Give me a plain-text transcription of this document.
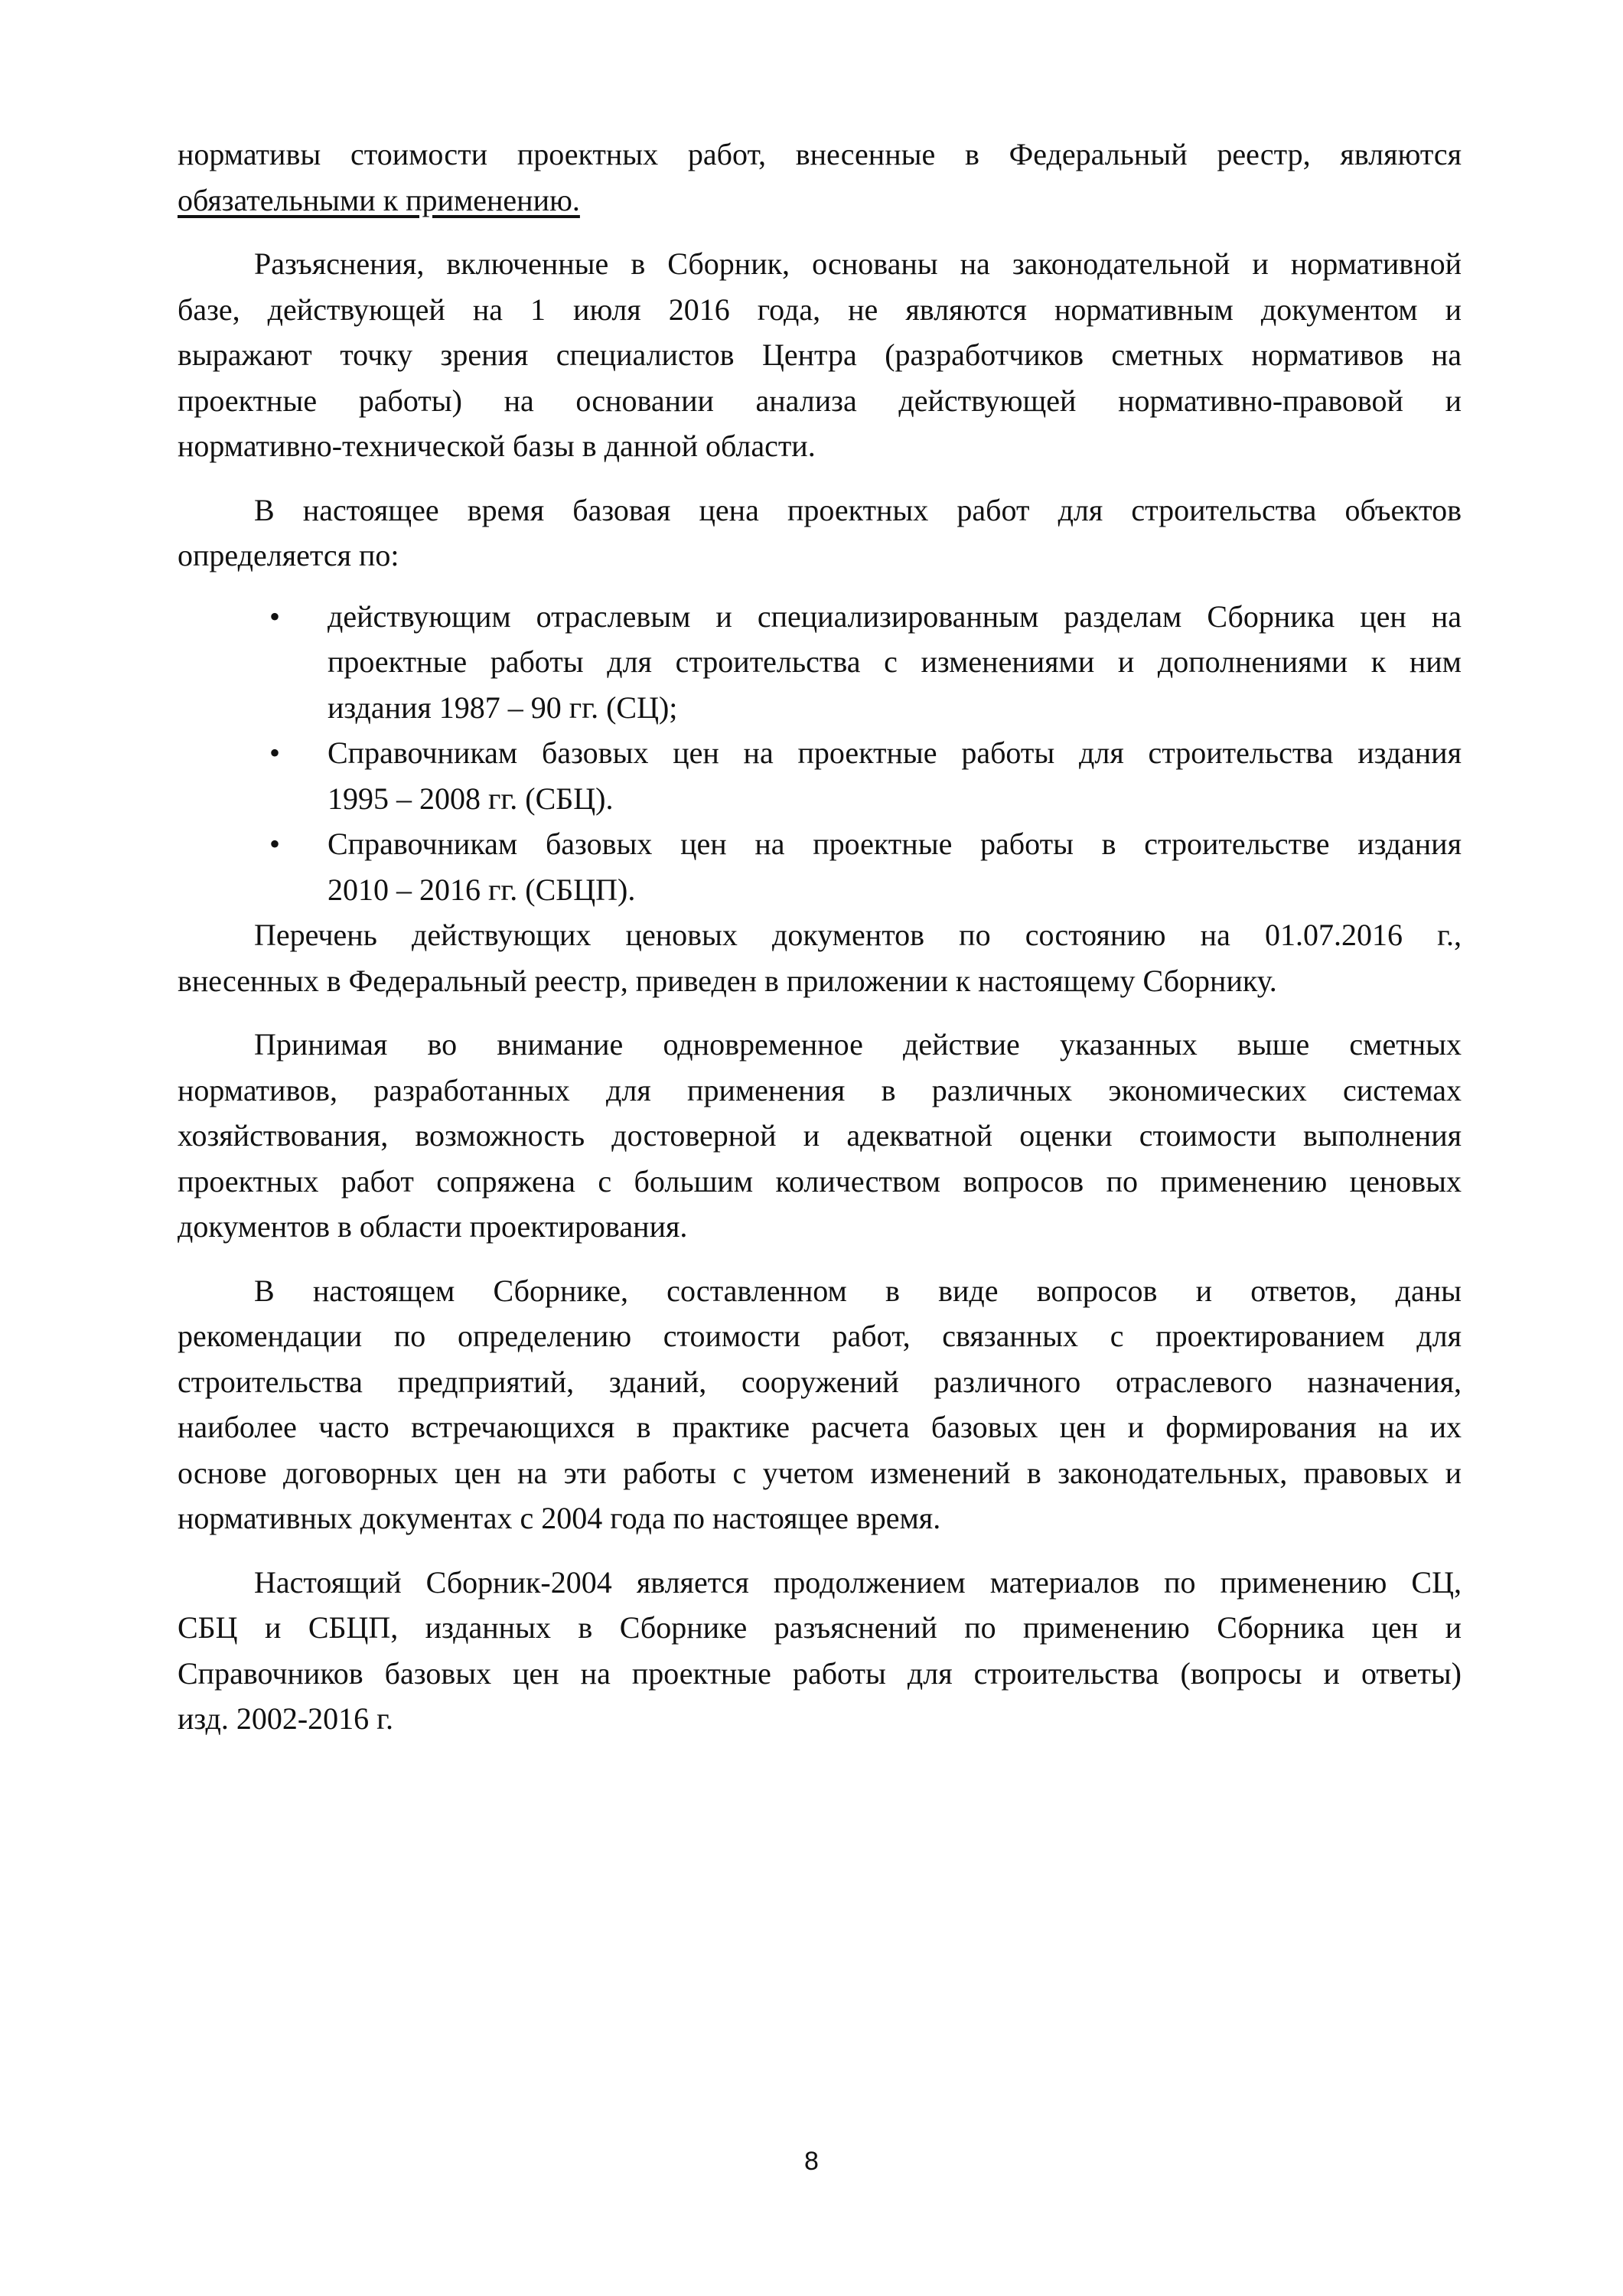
нормативы стоимости проектных работ, внесенные в Федеральный реестр, являются
обязательными к применению.
Разъяснения, включенные в Сборник, основаны на законодательной и нормативной
базе, действующей на 1 июля 2016 года, не являются нормативным документом и
выражают точку зрения специалистов Центра (разработчиков сметных нормативов на
проектные работы) на основании анализа действующей нормативно-правовой и
нормативно-технической базы в данной области.
В настоящее время базовая цена проектных работ для строительства объектов
определяется по:
• действующим отраслевым и специализированным разделам Сборника цен на
проектные работы для строительства с изменениями и дополнениями к ним
издания 1987 – 90 гг. (СЦ);
• Справочникам базовых цен на проектные работы для строительства издания
1995 – 2008 гг. (СБЦ).
• Справочникам базовых цен на проектные работы в строительстве издания
2010 – 2016 гг. (СБЦП).
Перечень действующих ценовых документов по состоянию на 01.07.2016 г.,
внесенных в Федеральный реестр, приведен в приложении к настоящему Сборнику.
Принимая во внимание одновременное действие указанных выше сметных
нормативов, разработанных для применения в различных экономических системах
хозяйствования, возможность достоверной и адекватной оценки стоимости выполнения
проектных работ сопряжена с большим количеством вопросов по применению ценовых
документов в области проектирования.
В настоящем Сборнике, составленном в виде вопросов и ответов, даны
рекомендации по определению стоимости работ, связанных с проектированием для
строительства предприятий, зданий, сооружений различного отраслевого назначения,
наиболее часто встречающихся в практике расчета базовых цен и формирования на их
основе договорных цен на эти работы с учетом изменений в законодательных, правовых и
нормативных документах с 2004 года по настоящее время.
Настоящий Сборник-2004 является продолжением материалов по применению СЦ,
СБЦ и СБЦП, изданных в Сборнике разъяснений по применению Сборника цен и
Справочников базовых цен на проектные работы для строительства (вопросы и ответы)
изд. 2002-2016 г.
8
